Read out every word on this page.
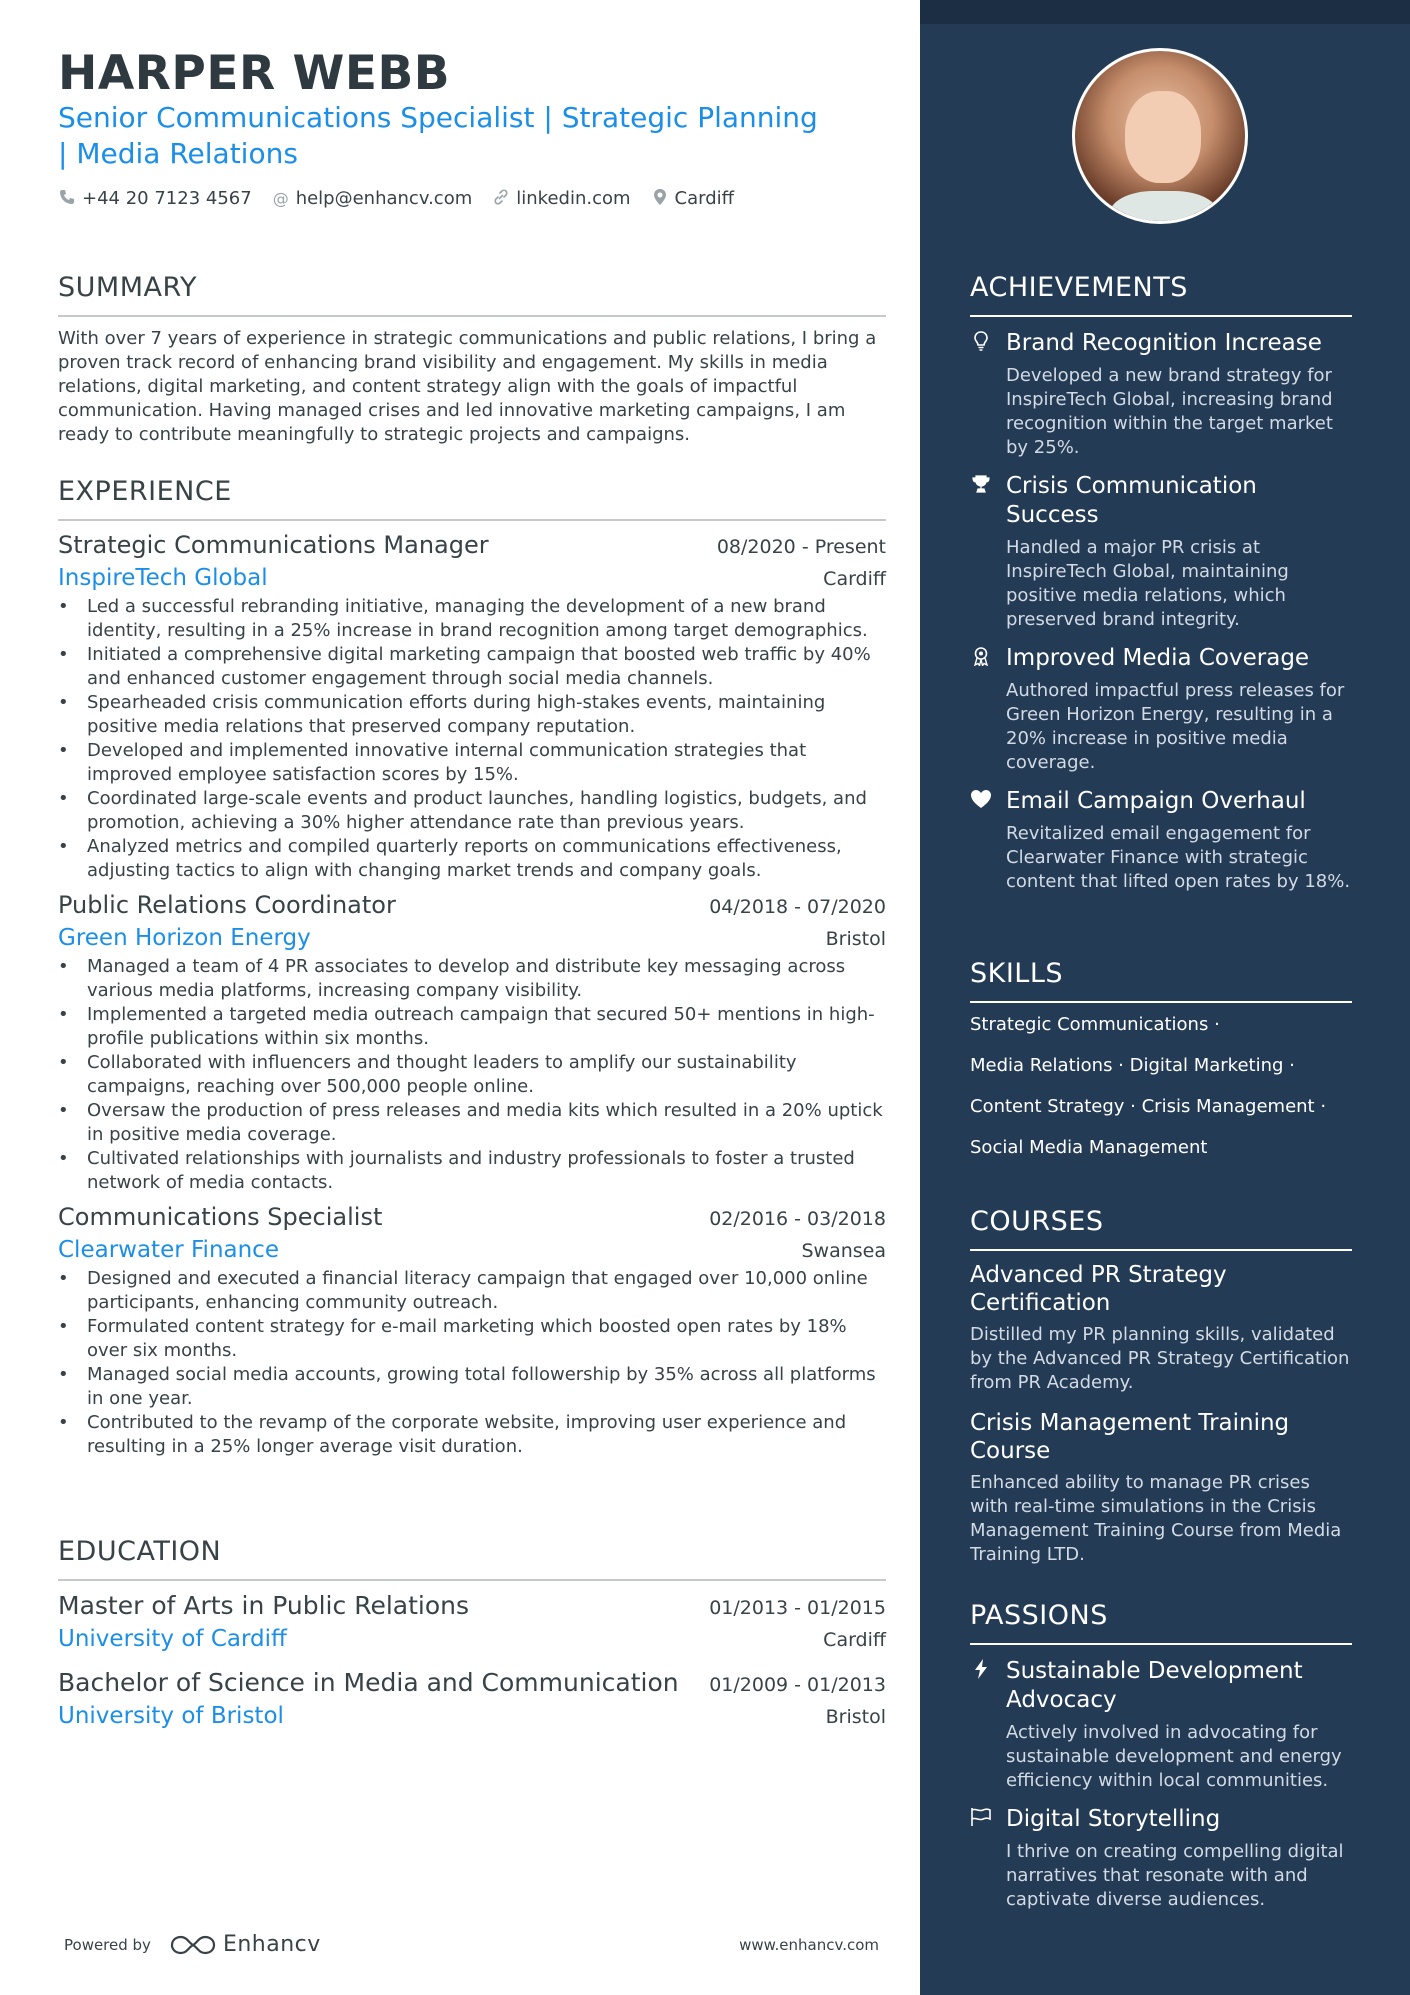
HARPER WEBB
Senior Communications Specialist | Strategic Planning
| Media Relations
+44 20 7123 4567 @ help@enhancv.com linkedin.com Cardiff
SUMMARY

With over 7 years of experience in strategic communications and public relations, I bring a proven track record of enhancing brand visibility and engagement. My skills in media relations, digital marketing, and content strategy align with the goals of impactful communication. Having managed crises and led innovative marketing campaigns, I am ready to contribute meaningfully to strategic projects and campaigns.

EXPERIENCE
Strategic Communications Manager	08/2020 - Present
InspireTech Global	Cardiff
• Led a successful rebranding initiative, managing the development of a new brand identity, resulting in a 25% increase in brand recognition among target demographics.
• Initiated a comprehensive digital marketing campaign that boosted web traffic by 40% and enhanced customer engagement through social media channels.
• Spearheaded crisis communication efforts during high-stakes events, maintaining positive media relations that preserved company reputation.
• Developed and implemented innovative internal communication strategies that improved employee satisfaction scores by 15%.
• Coordinated large-scale events and product launches, handling logistics, budgets, and promotion, achieving a 30% higher attendance rate than previous years.
• Analyzed metrics and compiled quarterly reports on communications effectiveness, adjusting tactics to align with changing market trends and company goals.
Public Relations Coordinator	04/2018 - 07/2020
Green Horizon Energy	Bristol
• Managed a team of 4 PR associates to develop and distribute key messaging across various media platforms, increasing company visibility.
• Implemented a targeted media outreach campaign that secured 50+ mentions in high-profile publications within six months.
• Collaborated with influencers and thought leaders to amplify our sustainability campaigns, reaching over 500,000 people online.
• Oversaw the production of press releases and media kits which resulted in a 20% uptick in positive media coverage.
• Cultivated relationships with journalists and industry professionals to foster a trusted network of media contacts.
Communications Specialist	02/2016 - 03/2018
Clearwater Finance	Swansea
• Designed and executed a financial literacy campaign that engaged over 10,000 online participants, enhancing community outreach.
• Formulated content strategy for e-mail marketing which boosted open rates by 18% over six months.
• Managed social media accounts, growing total followership by 35% across all platforms in one year.
• Contributed to the revamp of the corporate website, improving user experience and resulting in a 25% longer average visit duration.
EDUCATION
Master of Arts in Public Relations	01/2013 - 01/2015
University of Cardiff	Cardiff
Bachelor of Science in Media and Communication 01/2009 - 01/2013
University of Bristol	Bristol
Powered by	Enhancv	www.enhancv.com
ACHIEVEMENTS
Brand Recognition Increase
Developed a new brand strategy for InspireTech Global, increasing brand recognition within the target market by 25%.
Crisis Communication Success
Handled a major PR crisis at InspireTech Global, maintaining positive media relations, which preserved brand integrity.
Improved Media Coverage
Authored impactful press releases for Green Horizon Energy, resulting in a 20% increase in positive media coverage.
Email Campaign Overhaul
Revitalized email engagement for Clearwater Finance with strategic content that lifted open rates by 18%.
SKILLS
Strategic Communications ·
Media Relations · Digital Marketing ·
Content Strategy · Crisis Management ·
Social Media Management
COURSES
Advanced PR Strategy Certification
Distilled my PR planning skills, validated by the Advanced PR Strategy Certification from PR Academy.
Crisis Management Training Course
Enhanced ability to manage PR crises with real-time simulations in the Crisis Management Training Course from Media Training LTD.
PASSIONS
Sustainable Development Advocacy
Actively involved in advocating for sustainable development and energy efficiency within local communities.
Digital Storytelling
I thrive on creating compelling digital narratives that resonate with and captivate diverse audiences.
